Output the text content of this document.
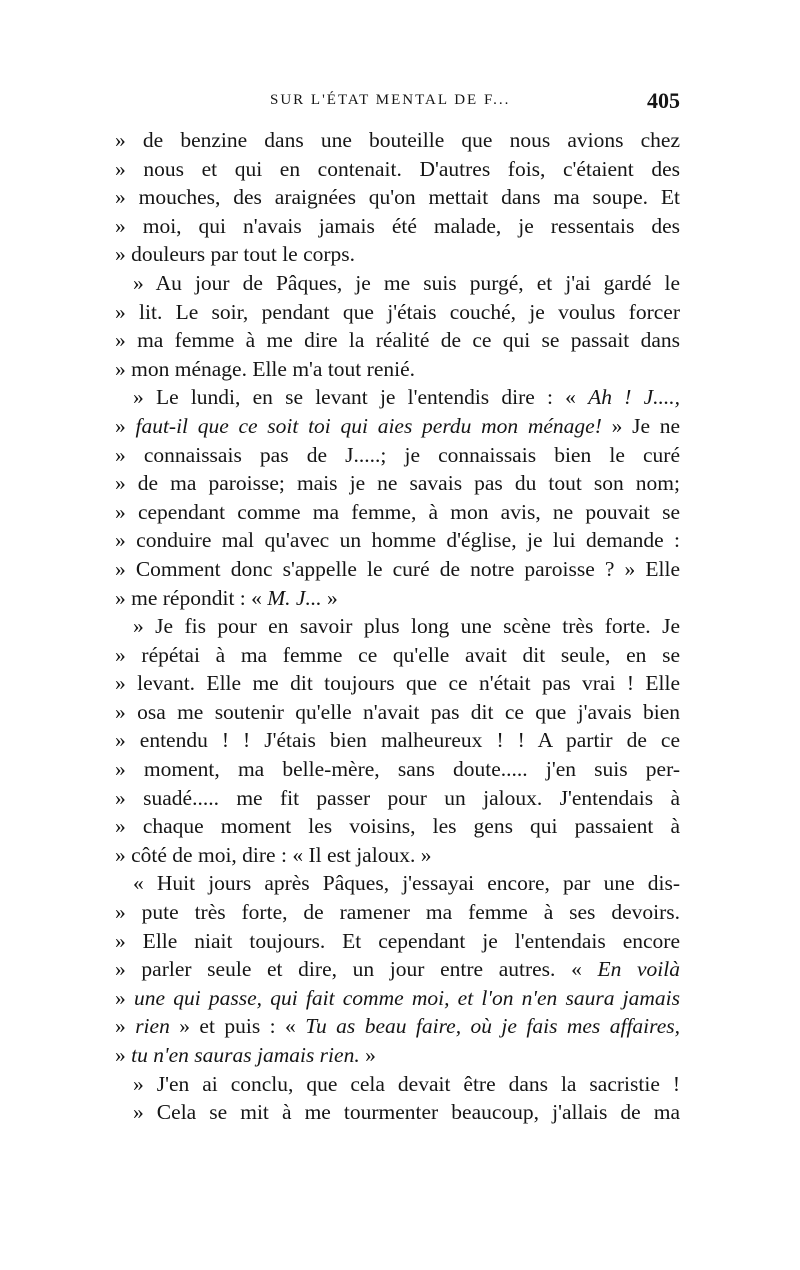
SUR L'ÉTAT MENTAL DE F...	405
» de benzine dans une bouteille que nous avions chez
» nous et qui en contenait. D'autres fois, c'étaient des
» mouches, des araignées qu'on mettait dans ma soupe. Et
» moi, qui n'avais jamais été malade, je ressentais des
» douleurs par tout le corps.
» Au jour de Pâques, je me suis purgé, et j'ai gardé le
» lit. Le soir, pendant que j'étais couché, je voulus forcer
» ma femme à me dire la réalité de ce qui se passait dans
» mon ménage. Elle m'a tout renié.
» Le lundi, en se levant je l'entendis dire : « Ah ! J....,
» faut-il que ce soit toi qui aies perdu mon ménage! » Je ne
» connaissais pas de J.....; je connaissais bien le curé
» de ma paroisse; mais je ne savais pas du tout son nom;
» cependant comme ma femme, à mon avis, ne pouvait se
» conduire mal qu'avec un homme d'église, je lui demande :
» Comment donc s'appelle le curé de notre paroisse ? » Elle
» me répondit : « M. J... »
» Je fis pour en savoir plus long une scène très forte. Je
» répétai à ma femme ce qu'elle avait dit seule, en se
» levant. Elle me dit toujours que ce n'était pas vrai ! Elle
» osa me soutenir qu'elle n'avait pas dit ce que j'avais bien
» entendu ! ! J'étais bien malheureux ! ! A partir de ce
» moment, ma belle-mère, sans doute..... j'en suis per-
» suadé..... me fit passer pour un jaloux. J'entendais à
» chaque moment les voisins, les gens qui passaient à
» côté de moi, dire : « Il est jaloux. »
« Huit jours après Pâques, j'essayai encore, par une dis-
» pute très forte, de ramener ma femme à ses devoirs.
» Elle niait toujours. Et cependant je l'entendais encore
» parler seule et dire, un jour entre autres. « En voilà
» une qui passe, qui fait comme moi, et l'on n'en saura jamais
» rien » et puis : « Tu as beau faire, où je fais mes affaires,
» tu n'en sauras jamais rien. »
» J'en ai conclu, que cela devait être dans la sacristie !
» Cela se mit à me tourmenter beaucoup, j'allais de ma
